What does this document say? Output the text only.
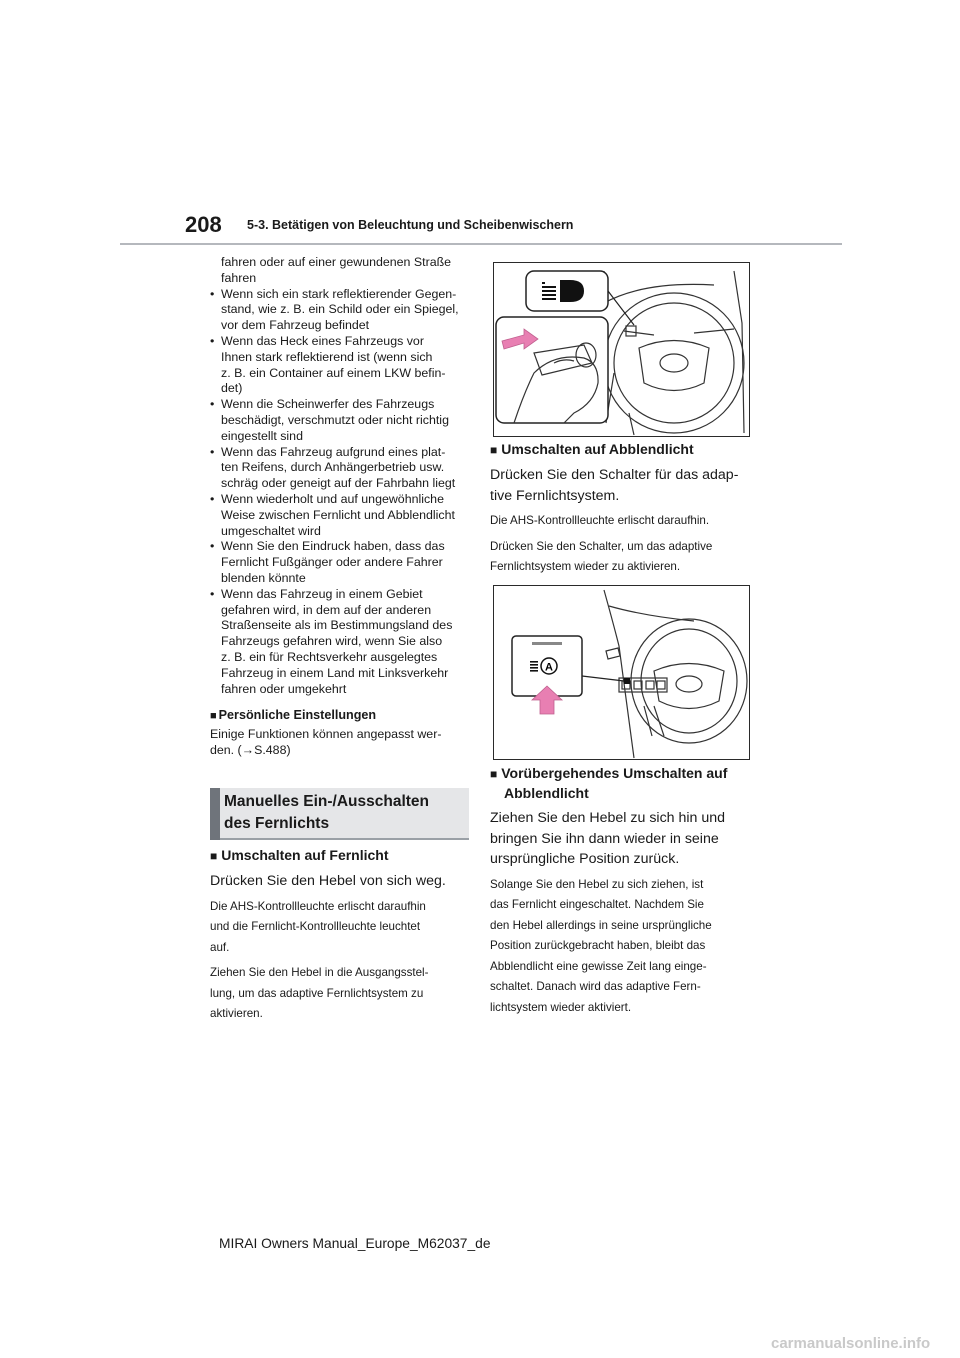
208 5-3. Betätigen von Beleuchtung und Scheibenwischern
fahren oder auf einer gewundenen Straße
fahren
• Wenn sich ein stark reflektierender Gegen-
stand, wie z. B. ein Schild oder ein Spiegel,
vor dem Fahrzeug befindet
• Wenn das Heck eines Fahrzeugs vor
Ihnen stark reflektierend ist (wenn sich
z. B. ein Container auf einem LKW befin-
det)
• Wenn die Scheinwerfer des Fahrzeugs
beschädigt, verschmutzt oder nicht richtig
eingestellt sind
• Wenn das Fahrzeug aufgrund eines plat-
ten Reifens, durch Anhängerbetrieb usw.
schräg oder geneigt auf der Fahrbahn liegt
• Wenn wiederholt und auf ungewöhnliche
Weise zwischen Fernlicht und Abblendlicht
umgeschaltet wird
• Wenn Sie den Eindruck haben, dass das
Fernlicht Fußgänger oder andere Fahrer
blenden könnte
• Wenn das Fahrzeug in einem Gebiet
gefahren wird, in dem auf der anderen
Straßenseite als im Bestimmungsland des
Fahrzeugs gefahren wird, wenn Sie also
z. B. ein für Rechtsverkehr ausgelegtes
Fahrzeug in einem Land mit Linksverkehr
fahren oder umgekehrt
■ Persönliche Einstellungen
Einige Funktionen können angepasst wer-
den. (→S.488)
Manuelles Ein-/Ausschalten
des Fernlichts
■ Umschalten auf Fernlicht
Drücken Sie den Hebel von sich weg.
Die AHS-Kontrollleuchte erlischt daraufhin
und die Fernlicht-Kontrollleuchte leuchtet
auf.
Ziehen Sie den Hebel in die Ausgangsstel-
lung, um das adaptive Fernlichtsystem zu
aktivieren.
■ Umschalten auf Abblendlicht
Drücken Sie den Schalter für das adap-
tive Fernlichtsystem.
Die AHS-Kontrollleuchte erlischt daraufhin.
Drücken Sie den Schalter, um das adaptive
Fernlichtsystem wieder zu aktivieren.
A
■ Vorübergehendes Umschalten auf
Abblendlicht
Ziehen Sie den Hebel zu sich hin und
bringen Sie ihn dann wieder in seine
ursprüngliche Position zurück.
Solange Sie den Hebel zu sich ziehen, ist
das Fernlicht eingeschaltet. Nachdem Sie
den Hebel allerdings in seine ursprüngliche
Position zurückgebracht haben, bleibt das
Abblendlicht eine gewisse Zeit lang einge-
schaltet. Danach wird das adaptive Fern-
lichtsystem wieder aktiviert.
MIRAI Owners Manual_Europe_M62037_de
carmanualsonline.info
